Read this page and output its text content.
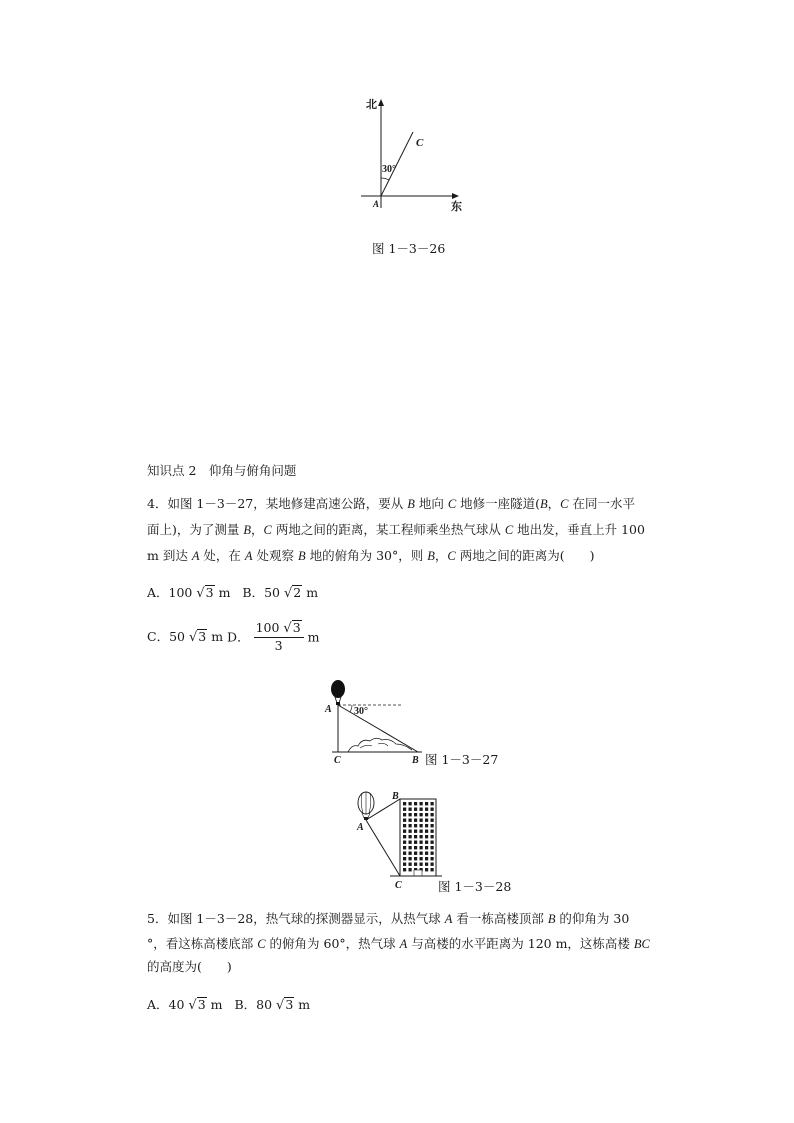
北
30°
C
A	东
图 1－3－26
知识点 2　仰角与俯角问题
4．如图 1－3－27，某地修建高速公路，要从 B 地向 C 地修一座隧道(B，C 在同一水平
面上)，为了测量 B，C 两地之间的距离，某工程师乘坐热气球从 C 地出发，垂直上升 100
m 到达 A 处，在 A 处观察 B 地的俯角为 30°，则 B，C 两地之间的距离为(　　)
A．100 √3 m B．50 √2 m
C．50 √3 m D． $\frac{100 √3}{3}$ m
30°
A
C	B 图 1－3－27
B
A
C	图 1－3－28
5．如图 1－3－28，热气球的探测器显示，从热气球 A 看一栋高楼顶部 B 的仰角为 30
°，看这栋高楼底部 C 的俯角为 60°，热气球 A 与高楼的水平距离为 120 m，这栋高楼 BC
的高度为(　　)
A．40 √3 m B．80 √3 m
